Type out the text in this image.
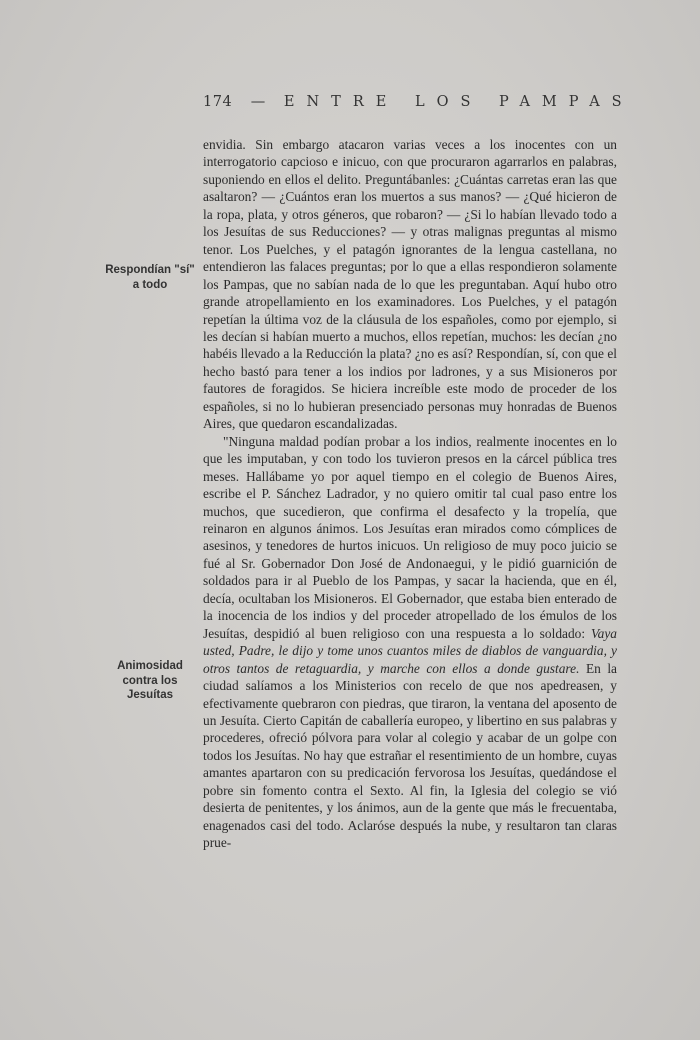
174 — ENTRE LOS PAMPAS
Respondían "sí" a todo
Animosidad contra los Jesuítas

envidia. Sin embargo atacaron varias veces a los inocentes con un interrogatorio capcioso e inicuo, con que procuraron agarrarlos en palabras, suponiendo en ellos el delito. Preguntábanles: ¿Cuántas carretas eran las que asaltaron? — ¿Cuántos eran los muertos a sus manos? — ¿Qué hicieron de la ropa, plata, y otros géneros, que robaron? — ¿Si lo habían llevado todo a los Jesuítas de sus Reducciones? — y otras malignas preguntas al mismo tenor. Los Puelches, y el patagón ignorantes de la lengua castellana, no entendieron las falaces preguntas; por lo que a ellas respondieron solamente los Pampas, que no sabían nada de lo que les preguntaban. Aquí hubo otro grande atropellamiento en los examinadores. Los Puelches, y el patagón repetían la última voz de la cláusula de los españoles, como por ejemplo, si les decían si habían muerto a muchos, ellos repetían, muchos: les decían ¿no habéis llevado a la Reducción la plata? ¿no es así? Respondían, sí, con que el hecho bastó para tener a los indios por ladrones, y a sus Misioneros por fautores de foragidos. Se hiciera increíble este modo de proceder de los españoles, si no lo hubieran presenciado personas muy honradas de Buenos Aires, que quedaron escandalizadas.

"Ninguna maldad podían probar a los indios, realmente inocentes en lo que les imputaban, y con todo los tuvieron presos en la cárcel pública tres meses. Hallábame yo por aquel tiempo en el colegio de Buenos Aires, escribe el P. Sánchez Ladrador, y no quiero omitir tal cual paso entre los muchos, que sucedieron, que confirma el desafecto y la tropelía, que reinaron en algunos ánimos. Los Jesuítas eran mirados como cómplices de asesinos, y tenedores de hurtos inicuos. Un religioso de muy poco juicio se fué al Sr. Gobernador Don José de Andonaegui, y le pidió guarnición de soldados para ir al Pueblo de los Pampas, y sacar la hacienda, que en él, decía, ocultaban los Misioneros. El Gobernador, que estaba bien enterado de la inocencia de los indios y del proceder atropellado de los émulos de los Jesuítas, despidió al buen religioso con una respuesta a lo soldado: Vaya usted, Padre, le dijo y tome unos cuantos miles de diablos de vanguardia, y otros tantos de retaguardia, y marche con ellos a donde gustare. En la ciudad salíamos a los Ministerios con recelo de que nos apedreasen, y efectivamente quebraron con piedras, que tiraron, la ventana del aposento de un Jesuíta. Cierto Capitán de caballería europeo, y libertino en sus palabras y procederes, ofreció pólvora para volar al colegio y acabar de un golpe con todos los Jesuítas. No hay que estrañar el resentimiento de un hombre, cuyas amantes apartaron con su predicación fervorosa los Jesuítas, quedándose el pobre sin fomento contra el Sexto. Al fin, la Iglesia del colegio se vió desierta de penitentes, y los ánimos, aun de la gente que más le frecuentaba, enagenados casi del todo. Aclaróse después la nube, y resultaron tan claras prue-
